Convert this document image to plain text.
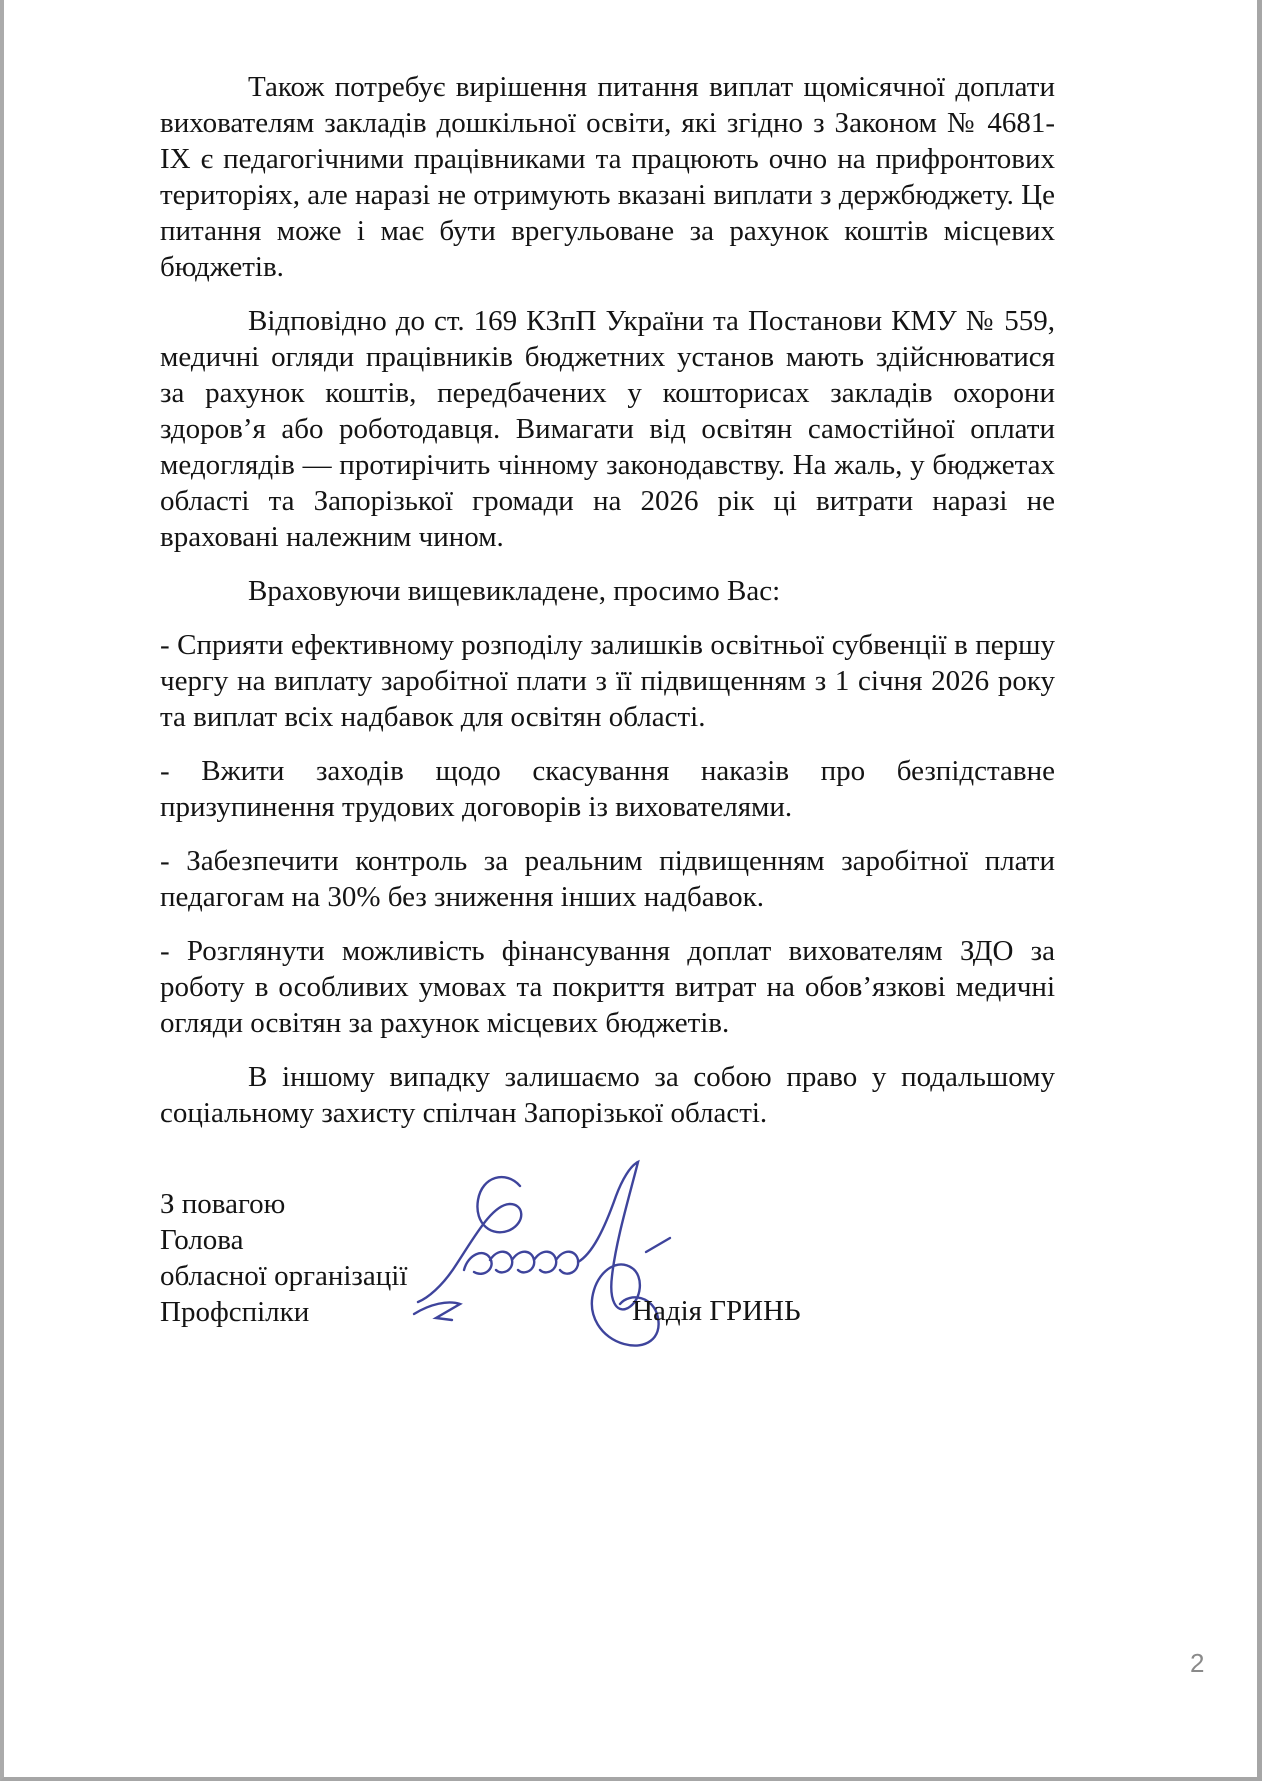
Також потребує вирішення питання виплат щомісячної доплати вихователям закладів дошкільної освіти, які згідно з Законом № 4681-IX є педагогічними працівниками та працюють очно на прифронтових територіях, але наразі не отримують вказані виплати з держбюджету. Це питання може і має бути врегульоване за рахунок коштів місцевих бюджетів.

Відповідно до ст. 169 КЗпП України та Постанови КМУ № 559, медичні огляди працівників бюджетних установ мають здійснюватися за рахунок коштів, передбачених у кошторисах закладів охорони здоров’я або роботодавця. Вимагати від освітян самостійної оплати медоглядів — протирічить чінному законодавству. На жаль, у бюджетах області та Запорізької громади на 2026 рік ці витрати наразі не враховані належним чином.

Враховуючи вищевикладене, просимо Вас:

- Сприяти ефективному розподілу залишків освітньої субвенції в першу чергу на виплату заробітної плати з її підвищенням з 1 січня 2026 року та виплат всіх надбавок для освітян області.

- Вжити заходів щодо скасування наказів про безпідставне призупинення трудових договорів із вихователями.

- Забезпечити контроль за реальним підвищенням заробітної плати педагогам на 30% без зниження інших надбавок.

- Розглянути можливість фінансування доплат вихователям ЗДО за роботу в особливих умовах та покриття витрат на обов’язкові медичні огляди освітян за рахунок місцевих бюджетів.

В іншому випадку залишаємо за собою право у подальшому соціальному захисту спілчан Запорізької області.

З повагою
Голова
обласної організації
Профспілки	Надія ГРИНЬ
2
